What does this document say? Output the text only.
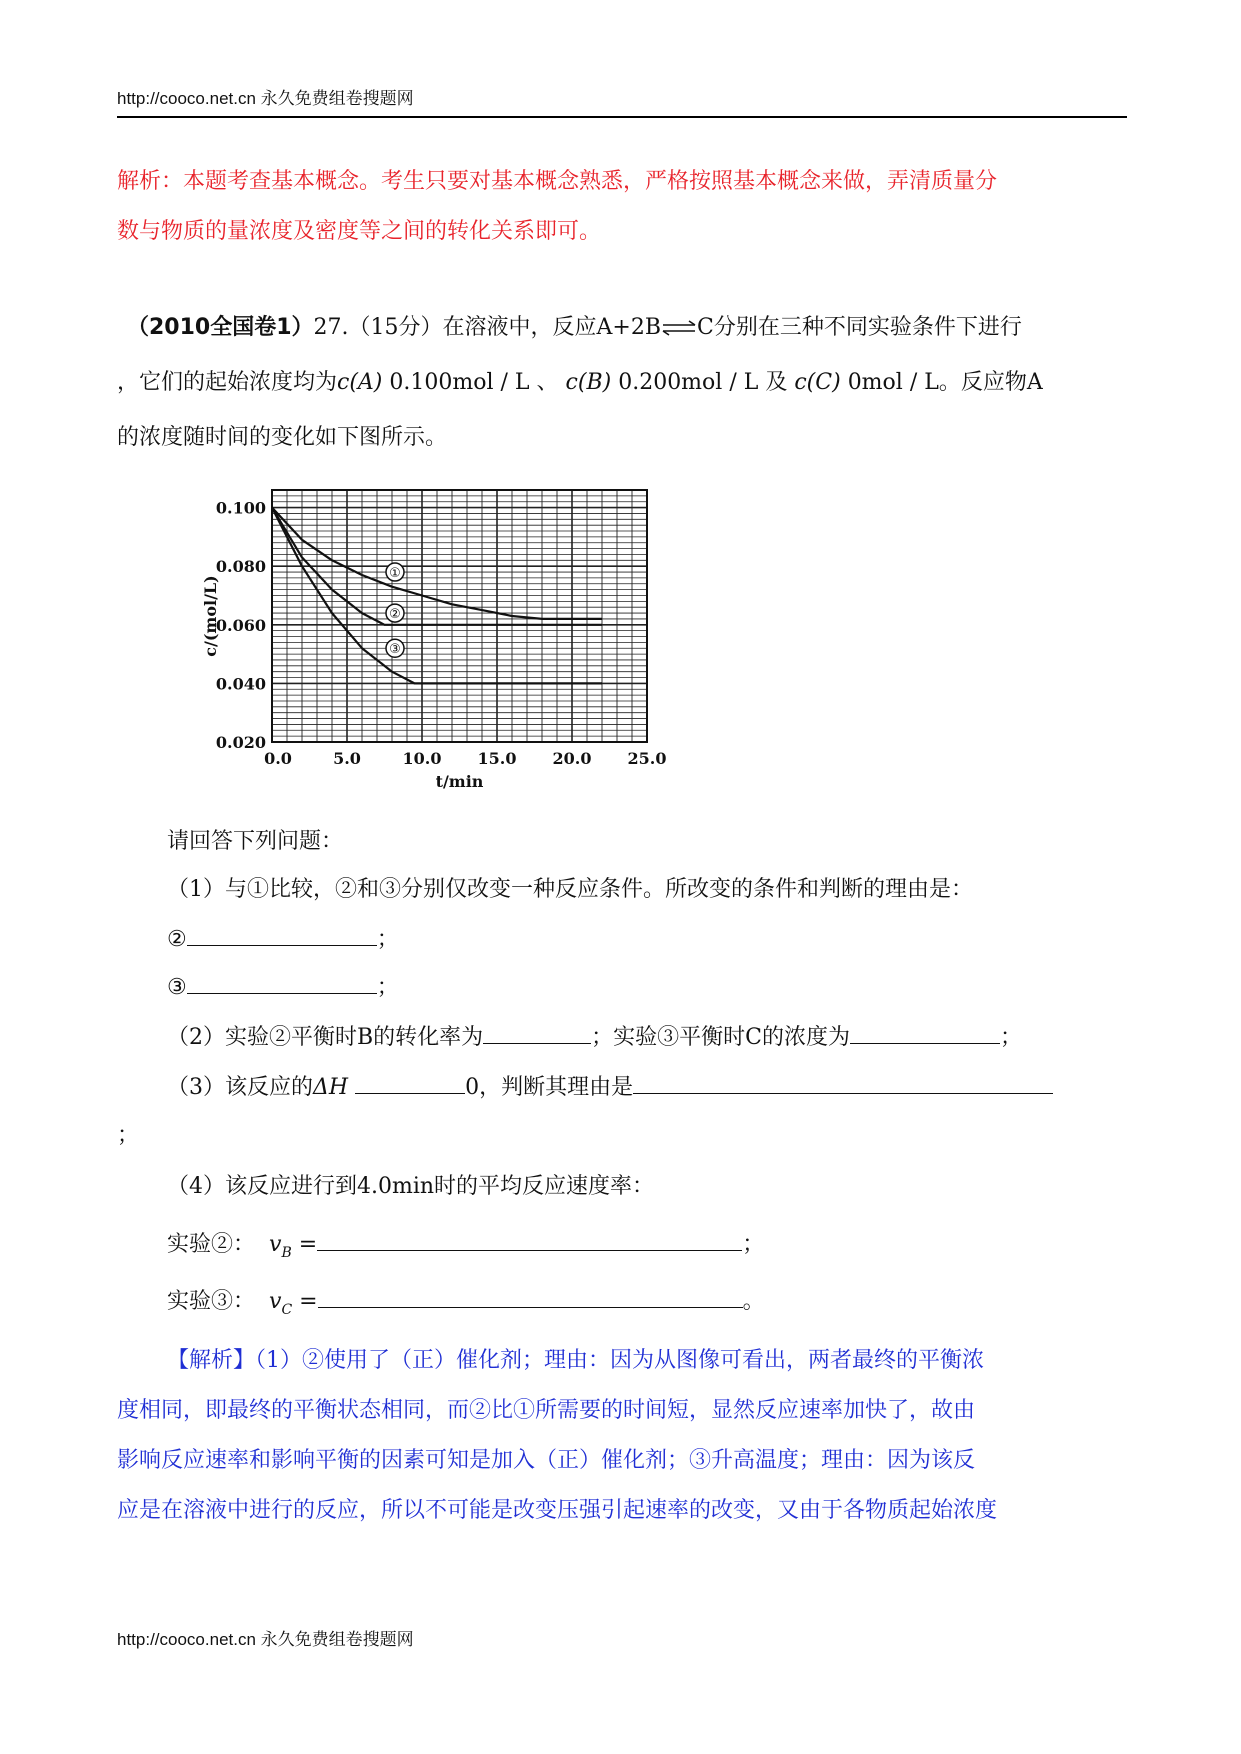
http://cooco.net.cn 永久免费组卷搜题网
解析：本题考查基本概念。考生只要对基本概念熟悉，严格按照基本概念来做，弄清质量分
数与物质的量浓度及密度等之间的转化关系即可。
（2010全国卷1）27.（15分）在溶液中，反应A+2B⇌C分别在三种不同实验条件下进行
，它们的起始浓度均为c(A) 0.100mol / L 、 c(B) 0.200mol / L 及 c(C) 0mol / L。反应物A
的浓度随时间的变化如下图所示。
0.020
0.040
0.060
0.080
0.100
0.0	5.0	10.0 15.0 20.0 25.0
t/min
c/(mol/L)
①
②
③
请回答下列问题：
（1）与①比较，②和③分别仅改变一种反应条件。所改变的条件和判断的理由是：
②	；
③	；
（2）实验②平衡时B的转化率为	；实验③平衡时C的浓度为	；
（3）该反应的ΔH	0，判断其理由是
；
（4）该反应进行到4.0min时的平均反应速度率：
实验②： $v_B$ =	；
实验③： $v_C$ =	。
【解析】（1）②使用了（正）催化剂；理由：因为从图像可看出，两者最终的平衡浓
度相同，即最终的平衡状态相同，而②比①所需要的时间短，显然反应速率加快了，故由
影响反应速率和影响平衡的因素可知是加入（正）催化剂；③升高温度；理由：因为该反
应是在溶液中进行的反应，所以不可能是改变压强引起速率的改变，又由于各物质起始浓度
http://cooco.net.cn 永久免费组卷搜题网
